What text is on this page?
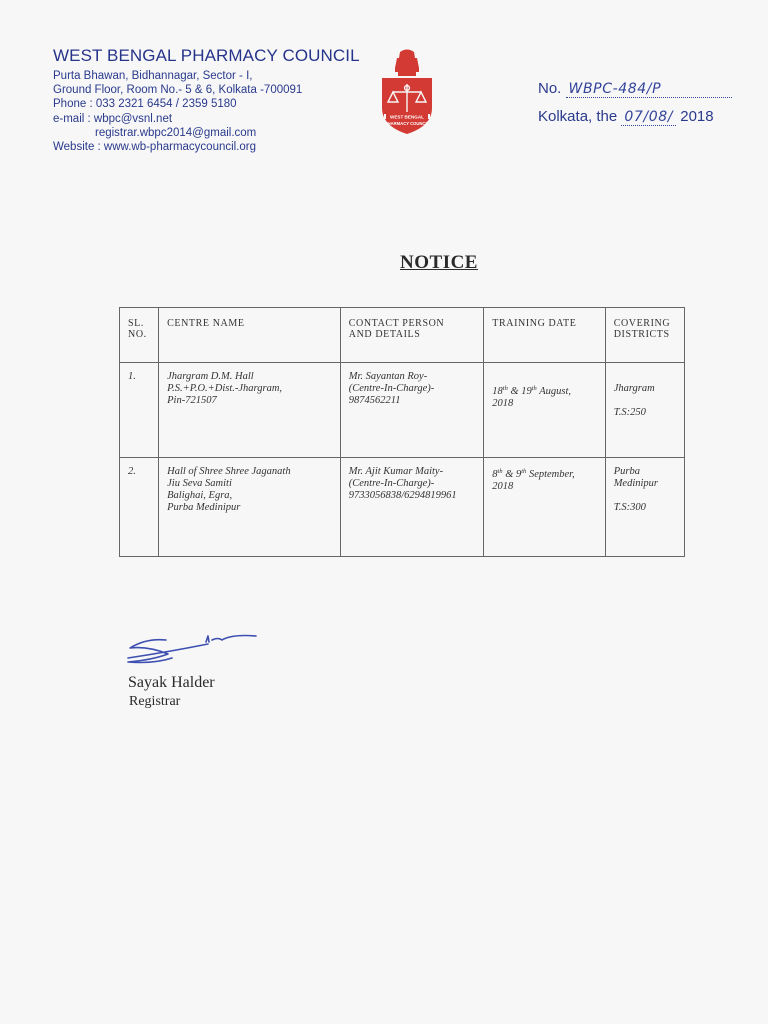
WEST BENGAL PHARMACY COUNCIL
Purta Bhawan, Bidhannagar, Sector - I,
Ground Floor, Room No.- 5 & 6, Kolkata -700091
Phone : 033 2321 6454 / 2359 5180
e-mail : wbpc@vsnl.net
registrar.wbpc2014@gmail.com
Website : www.wb-pharmacycouncil.org
WEST BENGAL
PHARMACY COUNCIL
No. WBPC-484/P
Kolkata, the 07/08/ 2018
NOTICE
SL.
NO.	CENTRE NAME	CONTACT PERSON
AND DETAILS	TRAINING DATE	COVERING
DISTRICTS

1.	Jhargram D.M. Hall
P.S.+P.O.+Dist.-Jhargram,
Pin-721507	Mr. Sayantan Roy-
(Centre-In-Charge)-
9874562211	18th & 19th August,
2018	Jhargram
T.S:250

2.	Hall of Shree Shree Jaganath
Jiu Seva Samiti
Balighai, Egra,
Purba Medinipur	Mr. Ajit Kumar Maity-
(Centre-In-Charge)-
9733056838/6294819961	8th & 9th September,
2018	Purba
Medinipur
T.S:300
Sayak Halder
Registrar
